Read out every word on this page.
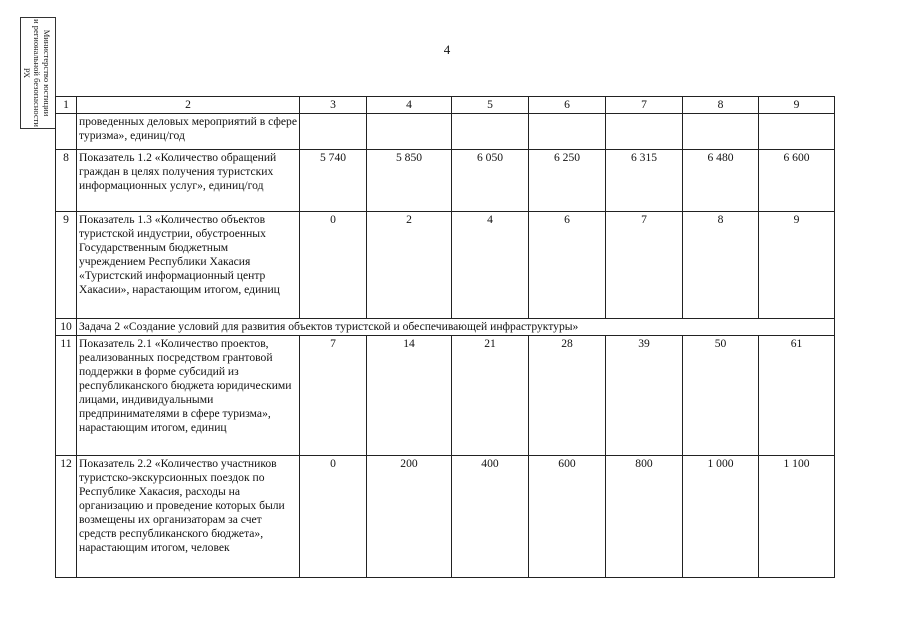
4
Министерство юстиции
и региональной безопасности
РХ
1	2	3	4	5	6	7	8	9
	проведенных деловых мероприятий в сфере туризма», единиц/год							
8	Показатель 1.2 «Количество обращений граждан в целях получения туристских информационных услуг», единиц/год	5 740	5 850	6 050	6 250	6 315	6 480	6 600
9	Показатель 1.3 «Количество объектов туристской индустрии, обустроенных Государственным бюджетным учреждением Республики Хакасия «Туристский информационный центр Хакасии», нарастающим итогом, единиц	0	2	4	6	7	8	9
10	Задача 2 «Создание условий для развития объектов туристской и обеспечивающей инфраструктуры»							
11	Показатель 2.1 «Количество проектов, реализованных посредством грантовой поддержки в форме субсидий из республиканского бюджета юридическими лицами, индивидуальными предпринимателями в сфере туризма», нарастающим итогом, единиц	7	14	21	28	39	50	61
12	Показатель 2.2 «Количество участников туристско-экскурсионных поездок по Республике Хакасия, расходы на организацию и проведение которых были возмещены их организаторам за счет средств республиканского бюджета», нарастающим итогом, человек	0	200	400	600	800	1 000	1 100
